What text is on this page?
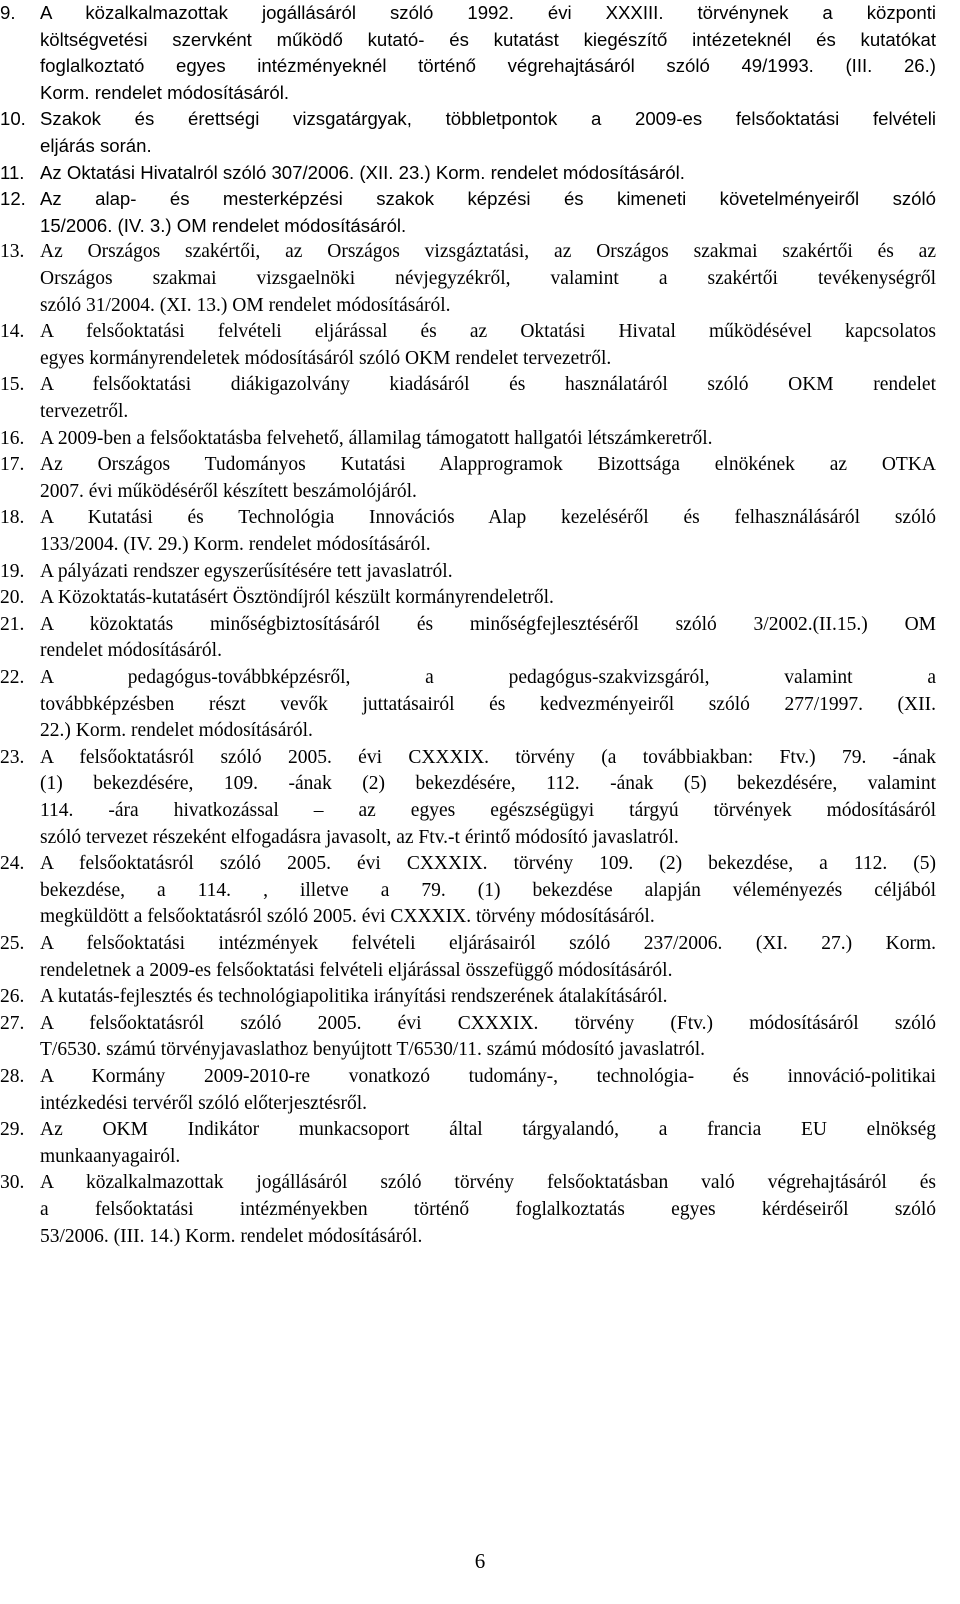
9.	A közalkalmazottak jogállásáról szóló 1992. évi XXXIII. törvénynek a központi
költségvetési szervként működő kutató- és kutatást kiegészítő intézeteknél és kutatókat
foglalkoztató egyes intézményeknél történő végrehajtásáról szóló 49/1993. (III. 26.)
Korm. rendelet módosításáról.
10. Szakok és érettségi vizsgatárgyak, többletpontok a 2009-es felsőoktatási felvételi
eljárás során.
11. Az Oktatási Hivatalról szóló 307/2006. (XII. 23.) Korm. rendelet módosításáról.
12. Az alap- és mesterképzési szakok képzési és kimeneti követelményeiről szóló
15/2006. (IV. 3.) OM rendelet módosításáról.
13. Az Országos szakértői, az Országos vizsgáztatási, az Országos szakmai szakértői és az
Országos szakmai vizsgaelnöki névjegyzékről, valamint a szakértői tevékenységről
szóló 31/2004. (XI. 13.) OM rendelet módosításáról.
14. A felsőoktatási felvételi eljárással és az Oktatási Hivatal működésével kapcsolatos
egyes kormányrendeletek módosításáról szóló OKM rendelet tervezetről.
15. A felsőoktatási diákigazolvány kiadásáról és használatáról szóló OKM rendelet
tervezetről.
16. A 2009-ben a felsőoktatásba felvehető, államilag támogatott hallgatói létszámkeretről.
17. Az Országos Tudományos Kutatási Alapprogramok Bizottsága elnökének az OTKA
2007. évi működéséről készített beszámolójáról.
18. A Kutatási és Technológia Innovációs Alap kezeléséről és felhasználásáról szóló
133/2004. (IV. 29.) Korm. rendelet módosításáról.
19. A pályázati rendszer egyszerűsítésére tett javaslatról.
20. A Közoktatás-kutatásért Ösztöndíjról készült kormányrendeletről.
21. A közoktatás minőségbiztosításáról és minőségfejlesztéséről szóló 3/2002.(II.15.) OM
rendelet módosításáról.
22. A pedagógus-továbbképzésről, a pedagógus-szakvizsgáról, valamint a
továbbképzésben részt vevők juttatásairól és kedvezményeiről szóló 277/1997. (XII.
22.) Korm. rendelet módosításáról.
23. A felsőoktatásról szóló 2005. évi CXXXIX. törvény (a továbbiakban: Ftv.) 79. -ának
(1) bekezdésére, 109. -ának (2) bekezdésére, 112. -ának (5) bekezdésére, valamint
114. -ára hivatkozással – az egyes egészségügyi tárgyú törvények módosításáról
szóló tervezet részeként elfogadásra javasolt, az Ftv.-t érintő módosító javaslatról.
24. A felsőoktatásról szóló 2005. évi CXXXIX. törvény 109. (2) bekezdése, a 112. (5)
bekezdése, a 114. , illetve a 79. (1) bekezdése alapján véleményezés céljából
megküldött a felsőoktatásról szóló 2005. évi CXXXIX. törvény módosításáról.
25. A felsőoktatási intézmények felvételi eljárásairól szóló 237/2006. (XI. 27.) Korm.
rendeletnek a 2009-es felsőoktatási felvételi eljárással összefüggő módosításáról.
26. A kutatás-fejlesztés és technológiapolitika irányítási rendszerének átalakításáról.
27. A felsőoktatásról szóló 2005. évi CXXXIX. törvény (Ftv.) módosításáról szóló
T/6530. számú törvényjavaslathoz benyújtott T/6530/11. számú módosító javaslatról.
28. A Kormány 2009-2010-re vonatkozó tudomány-, technológia- és innováció-politikai
intézkedési tervéről szóló előterjesztésről.
29. Az OKM Indikátor munkacsoport által tárgyalandó, a francia EU elnökség
munkaanyagairól.
30. A közalkalmazottak jogállásáról szóló törvény felsőoktatásban való végrehajtásáról és
a felsőoktatási intézményekben történő foglalkoztatás egyes kérdéseiről szóló
53/2006. (III. 14.) Korm. rendelet módosításáról.
6
